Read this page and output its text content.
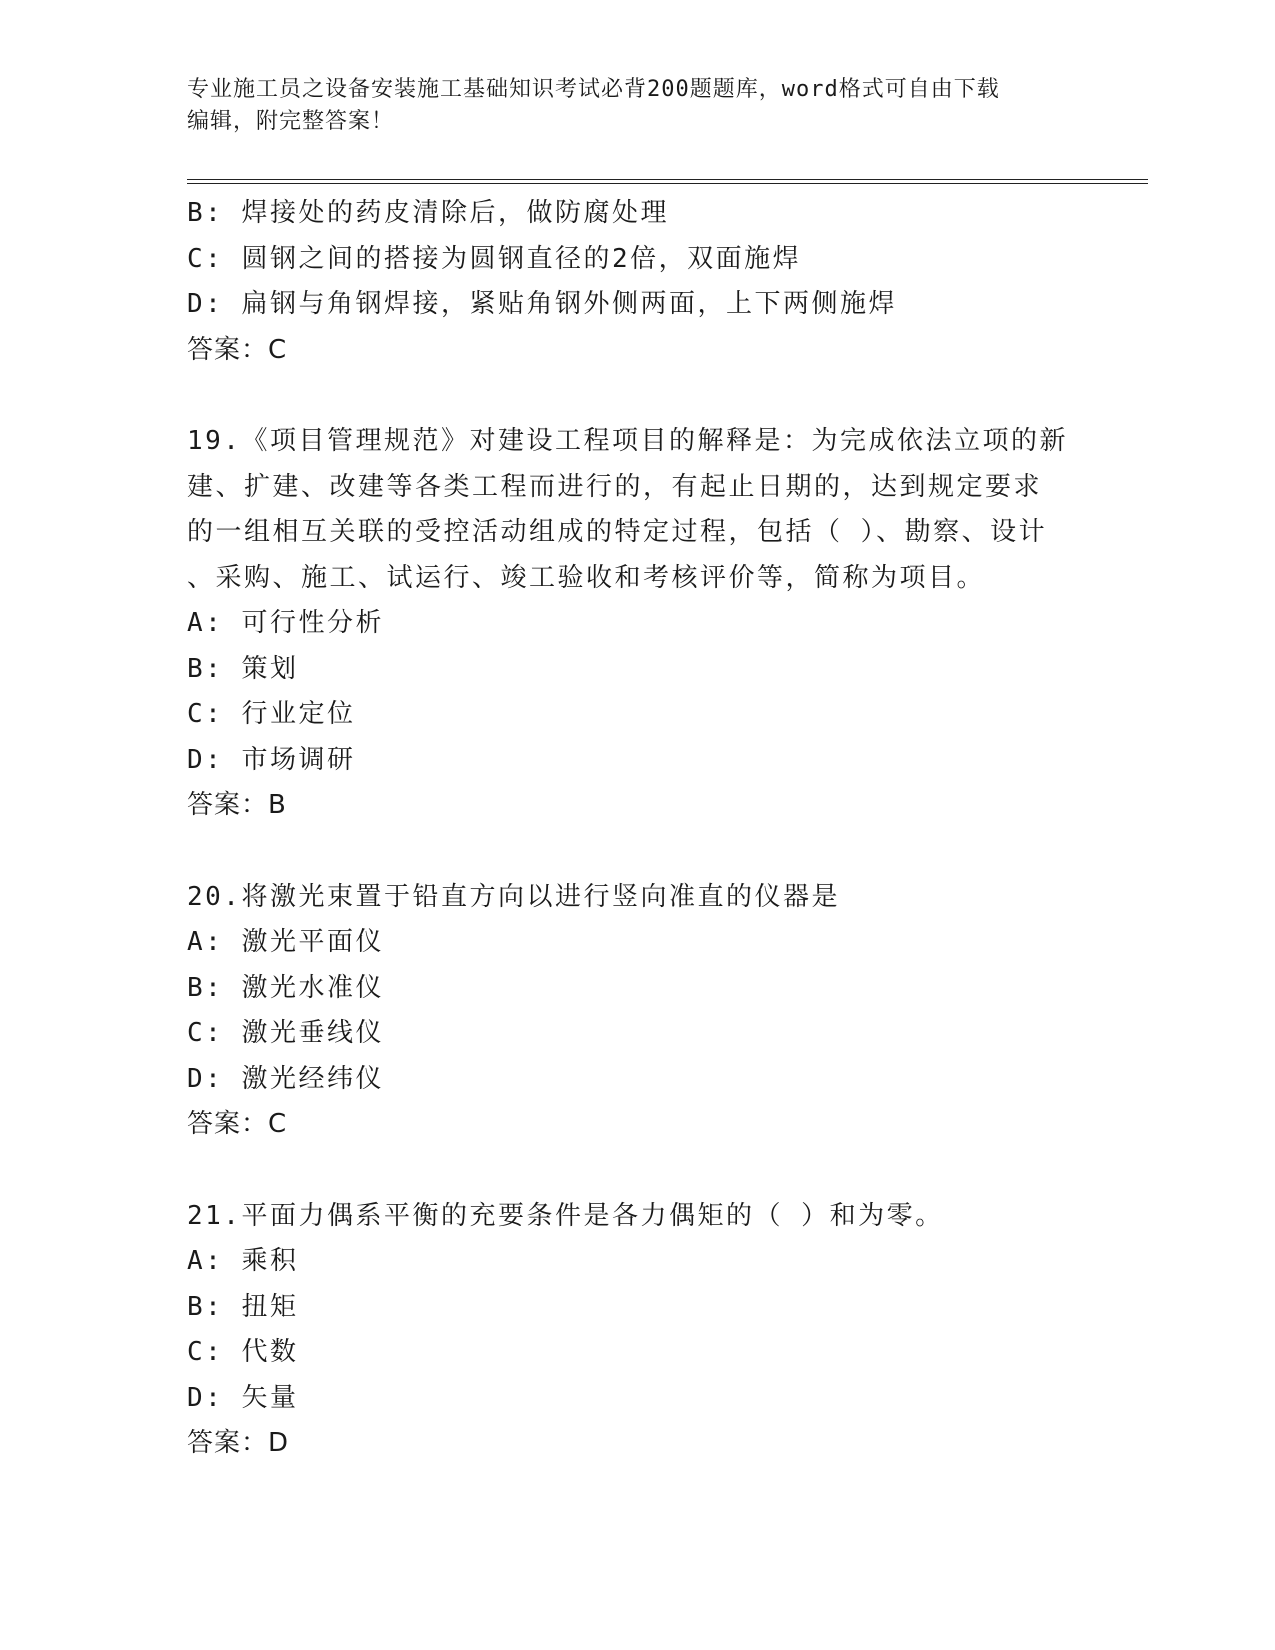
专业施工员之设备安装施工基础知识考试必背200题题库，word格式可自由下载
编辑，附完整答案！
B: 焊接处的药皮清除后，做防腐处理
C: 圆钢之间的搭接为圆钢直径的2倍，双面施焊
D: 扁钢与角钢焊接，紧贴角钢外侧两面，上下两侧施焊
答案：C
19.《项目管理规范》对建设工程项目的解释是：为完成依法立项的新
建、扩建、改建等各类工程而进行的，有起止日期的，达到规定要求
的一组相互关联的受控活动组成的特定过程，包括（ ）、勘察、设计
、采购、施工、试运行、竣工验收和考核评价等，简称为项目。
A: 可行性分析
B: 策划
C: 行业定位
D: 市场调研
答案：B
20.将激光束置于铅直方向以进行竖向准直的仪器是
A: 激光平面仪
B: 激光水准仪
C: 激光垂线仪
D: 激光经纬仪
答案：C
21.平面力偶系平衡的充要条件是各力偶矩的（ ）和为零。
A: 乘积
B: 扭矩
C: 代数
D: 矢量
答案：D
